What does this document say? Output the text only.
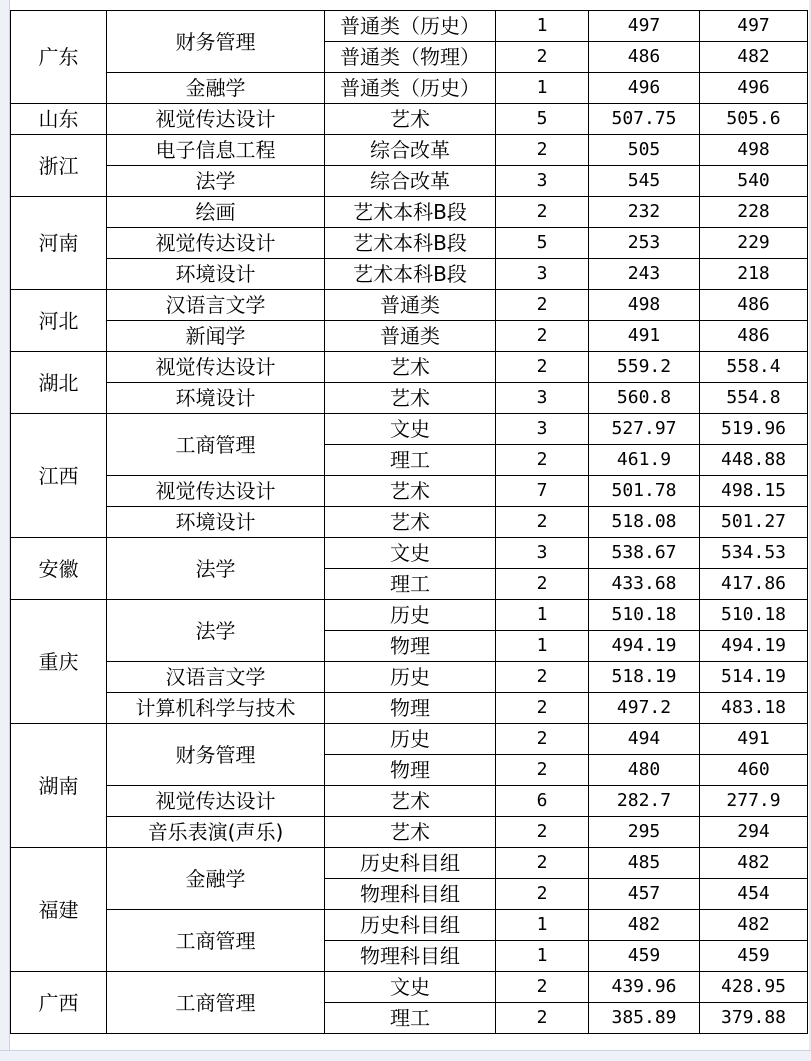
广东	财务管理	普通类（历史）	1	497	497
		普通类（物理）	2	486	482
	金融学	普通类（历史）	1	496	496
山东	视觉传达设计	艺术	5	507.75	505.6
浙江	电子信息工程	综合改革	2	505	498
	法学	综合改革	3	545	540
河南	绘画	艺术本科B段	2	232	228
	视觉传达设计	艺术本科B段	5	253	229
	环境设计	艺术本科B段	3	243	218
河北	汉语言文学	普通类	2	498	486
	新闻学	普通类	2	491	486
湖北	视觉传达设计	艺术	2	559.2	558.4
	环境设计	艺术	3	560.8	554.8
江西	工商管理	文史	3	527.97	519.96
		理工	2	461.9	448.88
	视觉传达设计	艺术	7	501.78	498.15
	环境设计	艺术	2	518.08	501.27
安徽	法学	文史	3	538.67	534.53
		理工	2	433.68	417.86
重庆	法学	历史	1	510.18	510.18
		物理	1	494.19	494.19
	汉语言文学	历史	2	518.19	514.19
	计算机科学与技术	物理	2	497.2	483.18
湖南	财务管理	历史	2	494	491
		物理	2	480	460
	视觉传达设计	艺术	6	282.7	277.9
	音乐表演(声乐)	艺术	2	295	294
福建	金融学	历史科目组	2	485	482
		物理科目组	2	457	454
	工商管理	历史科目组	1	482	482
		物理科目组	1	459	459
广西	工商管理	文史	2	439.96	428.95
		理工	2	385.89	379.88
